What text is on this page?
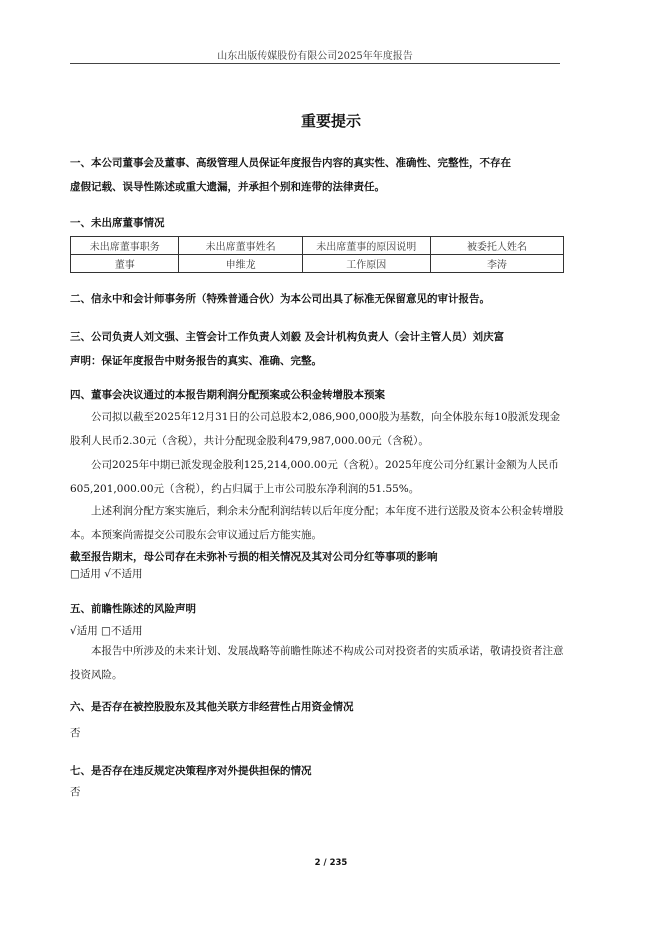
山东出版传媒股份有限公司2025年年度报告
重要提示
一、本公司董事会及董事、高级管理人员保证年度报告内容的真实性、准确性、完整性，不存在
虚假记载、误导性陈述或重大遗漏，并承担个别和连带的法律责任。
一、未出席董事情况
未出席董事职务	未出席董事姓名	未出席董事的原因说明	被委托人姓名
董事	申维龙	工作原因	李涛
二、信永中和会计师事务所（特殊普通合伙）为本公司出具了标准无保留意见的审计报告。
三、公司负责人刘文强、主管会计工作负责人刘毅 及会计机构负责人（会计主管人员）刘庆富
声明：保证年度报告中财务报告的真实、准确、完整。
四、董事会决议通过的本报告期利润分配预案或公积金转增股本预案
公司拟以截至2025年12月31日的公司总股本2,086,900,000股为基数，向全体股东每10股派发现金股利人民币2.30元（含税），共计分配现金股利479,987,000.00元（含税）。
公司2025年中期已派发现金股利125,214,000.00元（含税）。2025年度公司分红累计金额为人民币605,201,000.00元（含税），约占归属于上市公司股东净利润的51.55%。
上述利润分配方案实施后，剩余未分配利润结转以后年度分配；本年度不进行送股及资本公积金转增股本。本预案尚需提交公司股东会审议通过后方能实施。
截至报告期末，母公司存在未弥补亏损的相关情况及其对公司分红等事项的影响
□适用 √不适用
五、前瞻性陈述的风险声明
√适用 □不适用
本报告中所涉及的未来计划、发展战略等前瞻性陈述不构成公司对投资者的实质承诺，敬请投资者注意投资风险。
六、是否存在被控股股东及其他关联方非经营性占用资金情况
否
七、是否存在违反规定决策程序对外提供担保的情况
否
2 / 235
